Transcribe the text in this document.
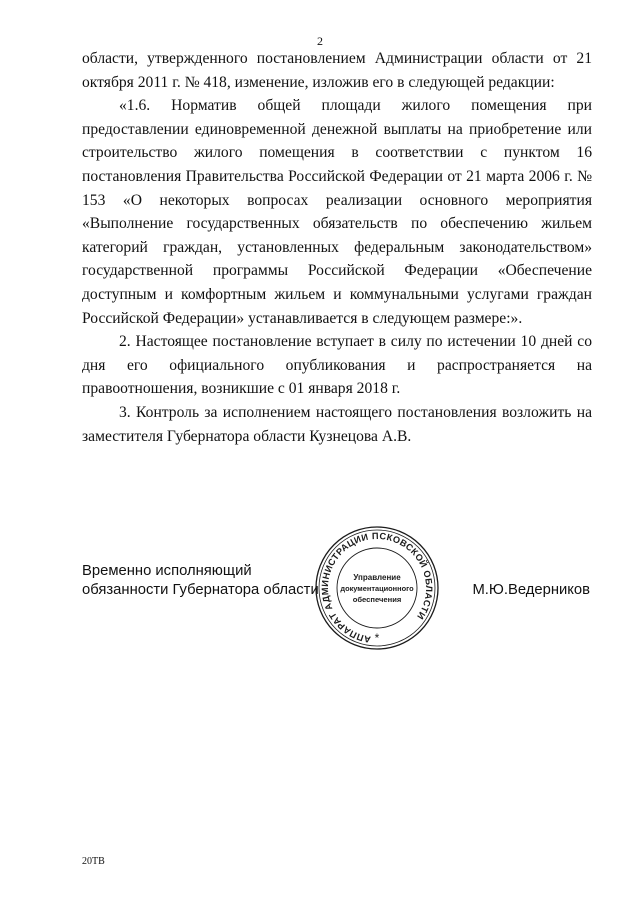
2

области, утвержденного постановлением Администрации области от 21 октября 2011 г. № 418, изменение, изложив его в следующей редакции:

«1.6. Норматив общей площади жилого помещения при предоставлении единовременной денежной выплаты на приобретение или строительство жилого помещения в соответствии с пунктом 16 постановления Правительства Российской Федерации от 21 марта 2006 г. № 153 «О некоторых вопросах реализации основного мероприятия «Выполнение государственных обязательств по обеспечению жильем категорий граждан, установленных федеральным законодательством» государственной программы Российской Федерации «Обеспечение доступным и комфортным жильем и коммунальными услугами граждан Российской Федерации» устанавливается в следующем размере:».

2. Настоящее постановление вступает в силу по истечении 10 дней со дня его официального опубликования и распространяется на правоотношения, возникшие с 01 января 2018 г.

3. Контроль за исполнением настоящего постановления возложить на заместителя Губернатора области Кузнецова А.В.

Временно исполняющий
обязанности Губернатора области	М.Ю.Ведерников
АППАРАТ АДМИНИСТРАЦИИ ПСКОВСКОЙ ОБЛАСТИ
Управление
документационного
обеспечения
*
20ТВ
